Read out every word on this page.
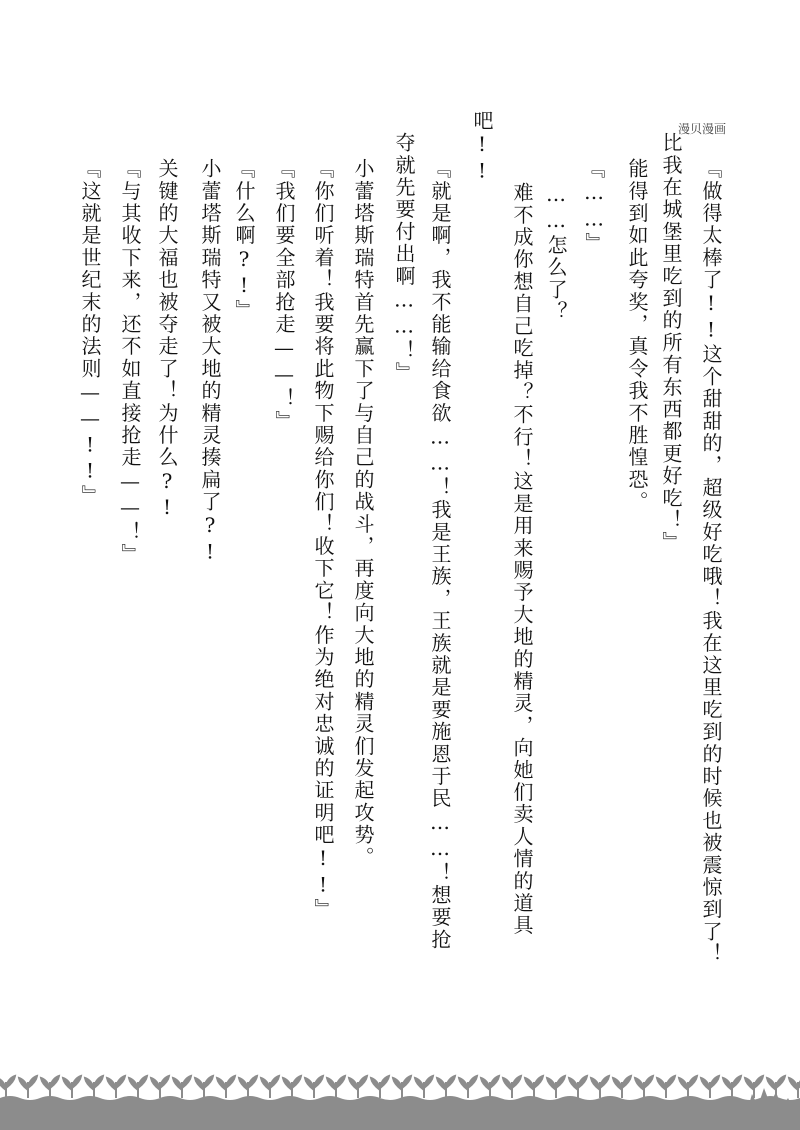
漫贝漫画
『做得太棒了!!这个甜甜的，超级好吃哦！我在这里吃到的时候也被震惊到了！
比我在城堡里吃到的所有东西都更好吃！』
能得到如此夸奖，真令我不胜惶恐。
『……』
……怎么了？
难不成你想自己吃掉？不行！这是用来赐予大地的精灵，向她们卖人情的道具
吧!!
『就是啊，我不能输给食欲……！我是王族，王族就是要施恩于民……！想要抢
夺就先要付出啊……！』
小蕾塔斯瑞特首先赢下了与自己的战斗，再度向大地的精灵们发起攻势。
『你们听着！我要将此物下赐给你们！收下它！作为绝对忠诚的证明吧!!』
『我们要全部抢走——！』
『什么啊?!』
小蕾塔斯瑞特又被大地的精灵揍扁了?!
关键的大福也被夺走了！为什么?!
『与其收下来，还不如直接抢走——！』
『这就是世纪末的法则——!!』
